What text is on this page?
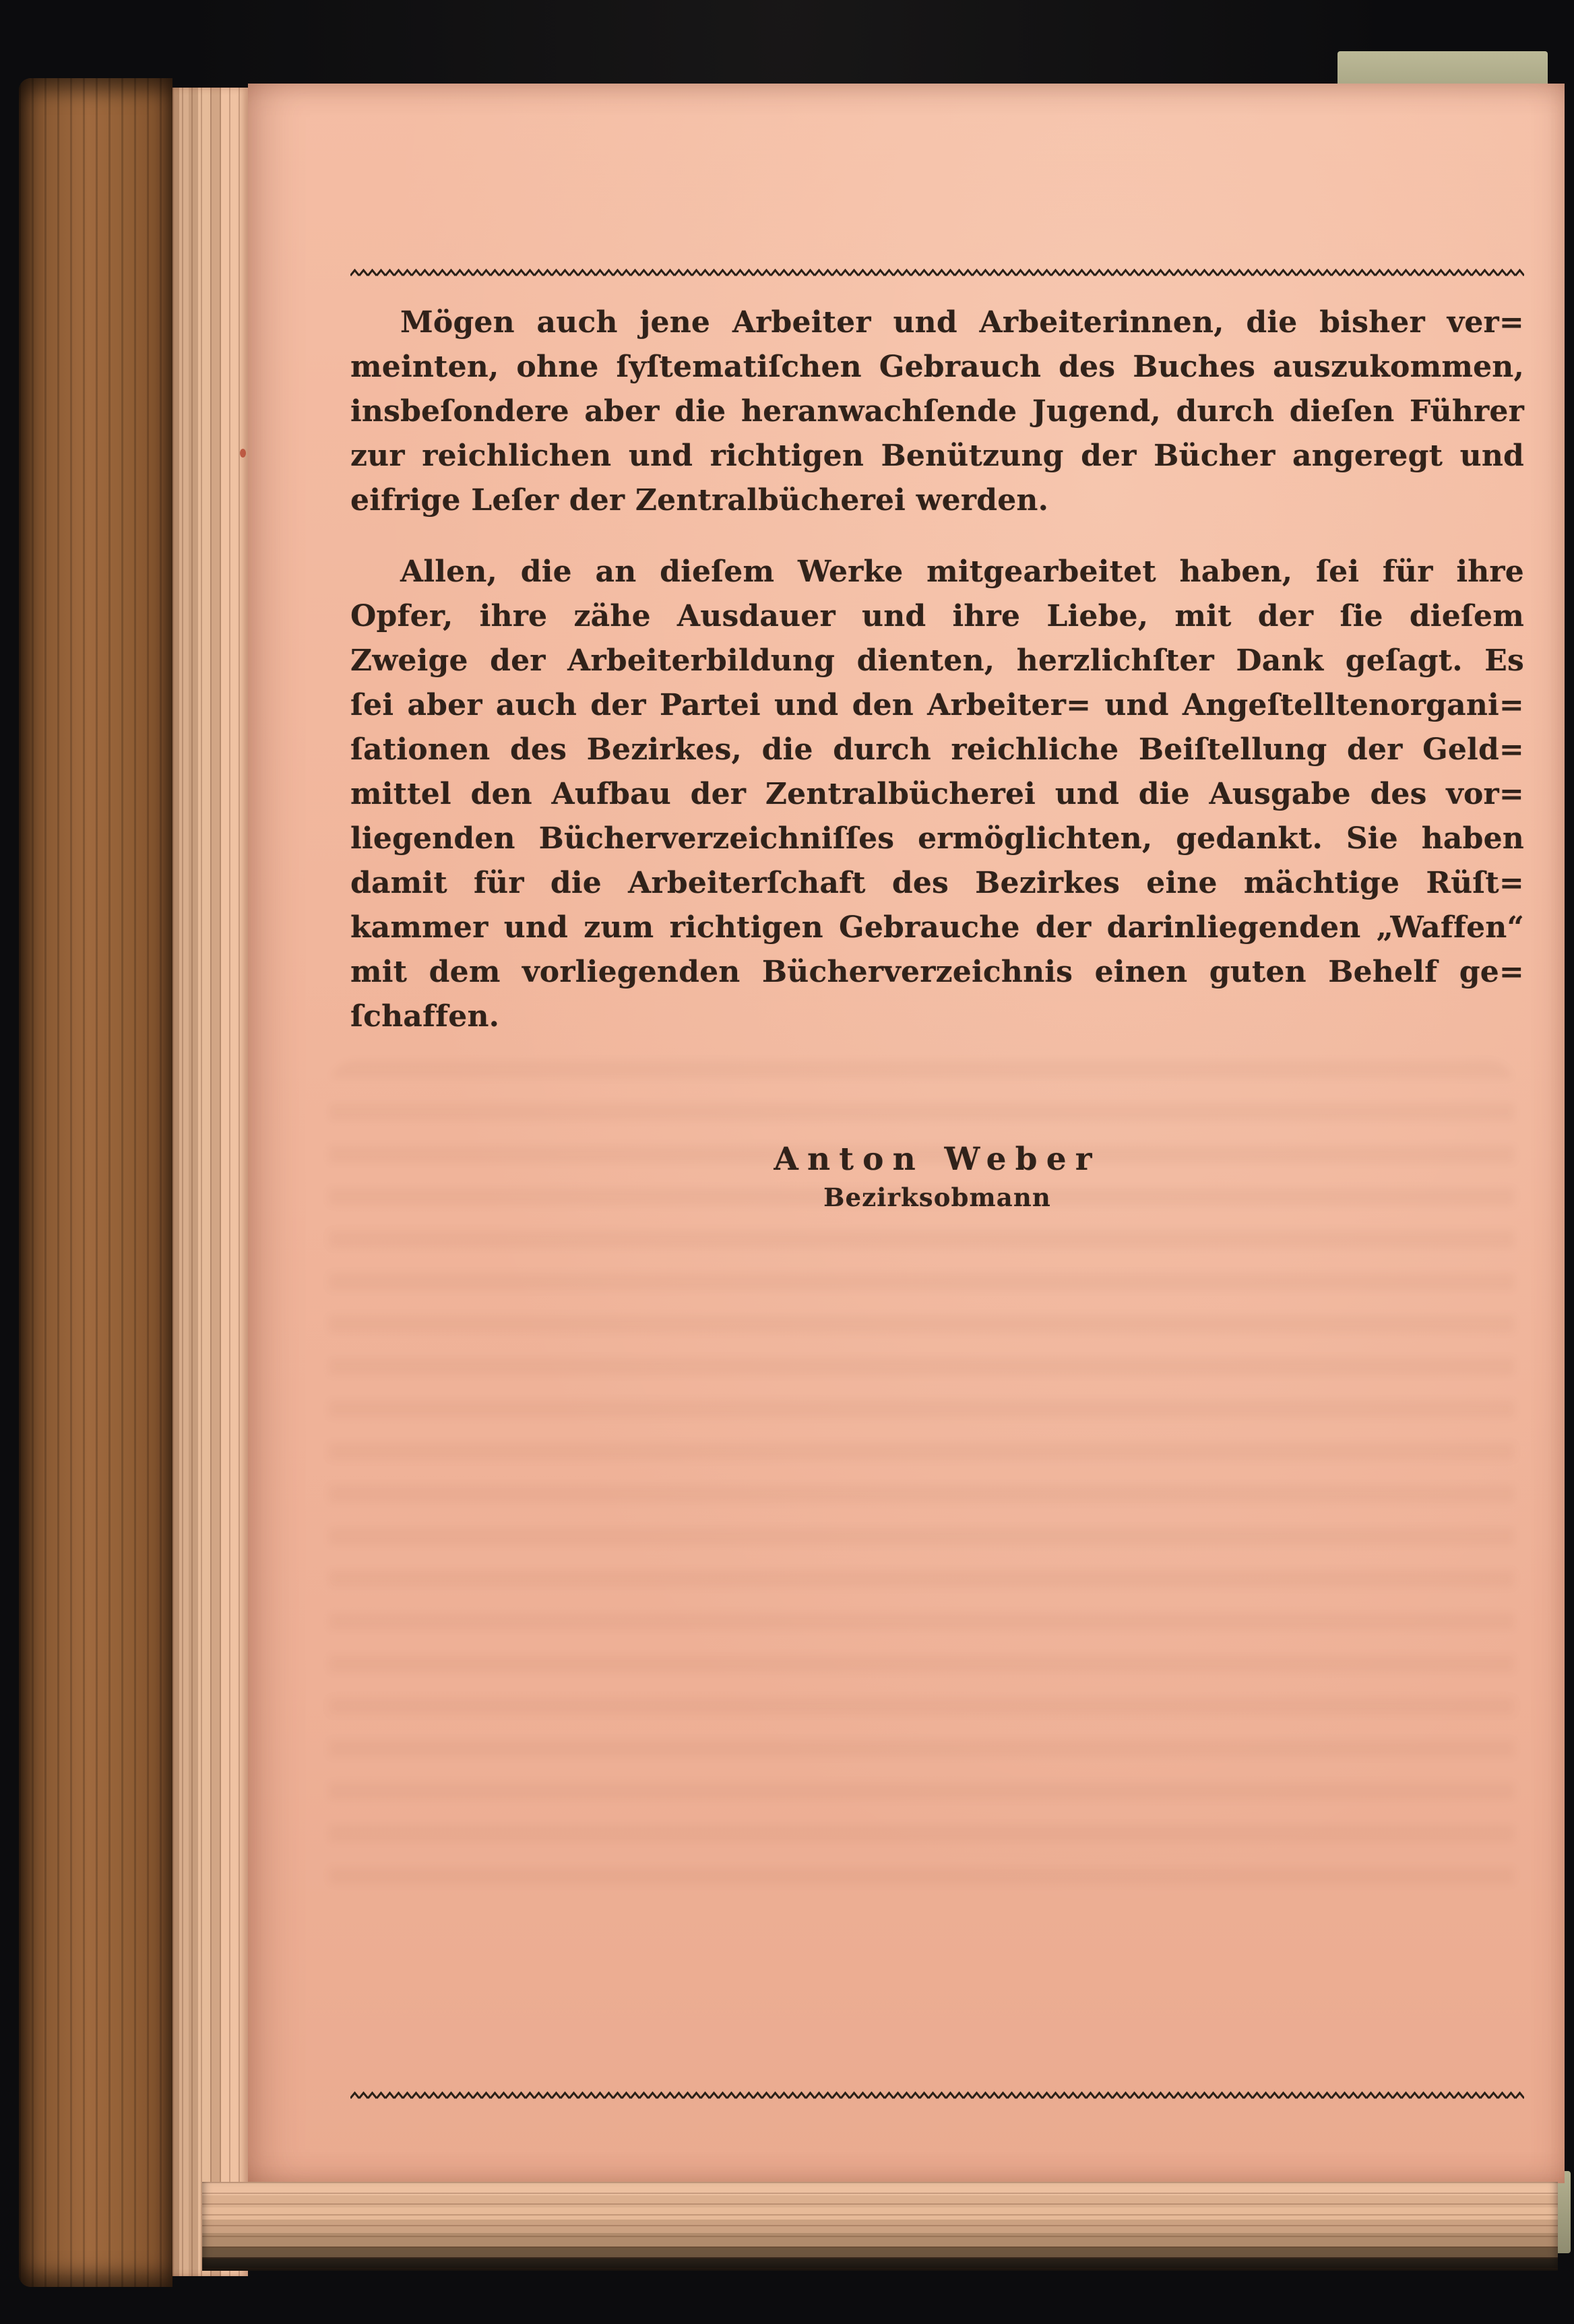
Mögen auch jene Arbeiter und Arbeiterinnen, die bisher ver=
meinten, ohne ſyſtematiſchen Gebrauch des Buches auszukommen,
insbeſondere aber die heranwachſende Jugend, durch dieſen Führer
zur reichlichen und richtigen Benützung der Bücher angeregt und
eifrige Leſer der Zentralbücherei werden.
Allen, die an dieſem Werke mitgearbeitet haben, ſei für ihre
Opfer, ihre zähe Ausdauer und ihre Liebe, mit der ſie dieſem
Zweige der Arbeiterbildung dienten, herzlichſter Dank geſagt. Es
ſei aber auch der Partei und den Arbeiter= und Angeſtelltenorgani=
ſationen des Bezirkes, die durch reichliche Beiſtellung der Geld=
mittel den Aufbau der Zentralbücherei und die Ausgabe des vor=
liegenden Bücherverzeichniſſes ermöglichten, gedankt. Sie haben
damit für die Arbeiterſchaft des Bezirkes eine mächtige Rüſt=
kammer und zum richtigen Gebrauche der darinliegenden „Waffen“
mit dem vorliegenden Bücherverzeichnis einen guten Behelf ge=
ſchaffen.
Anton Weber
Bezirksobmann
